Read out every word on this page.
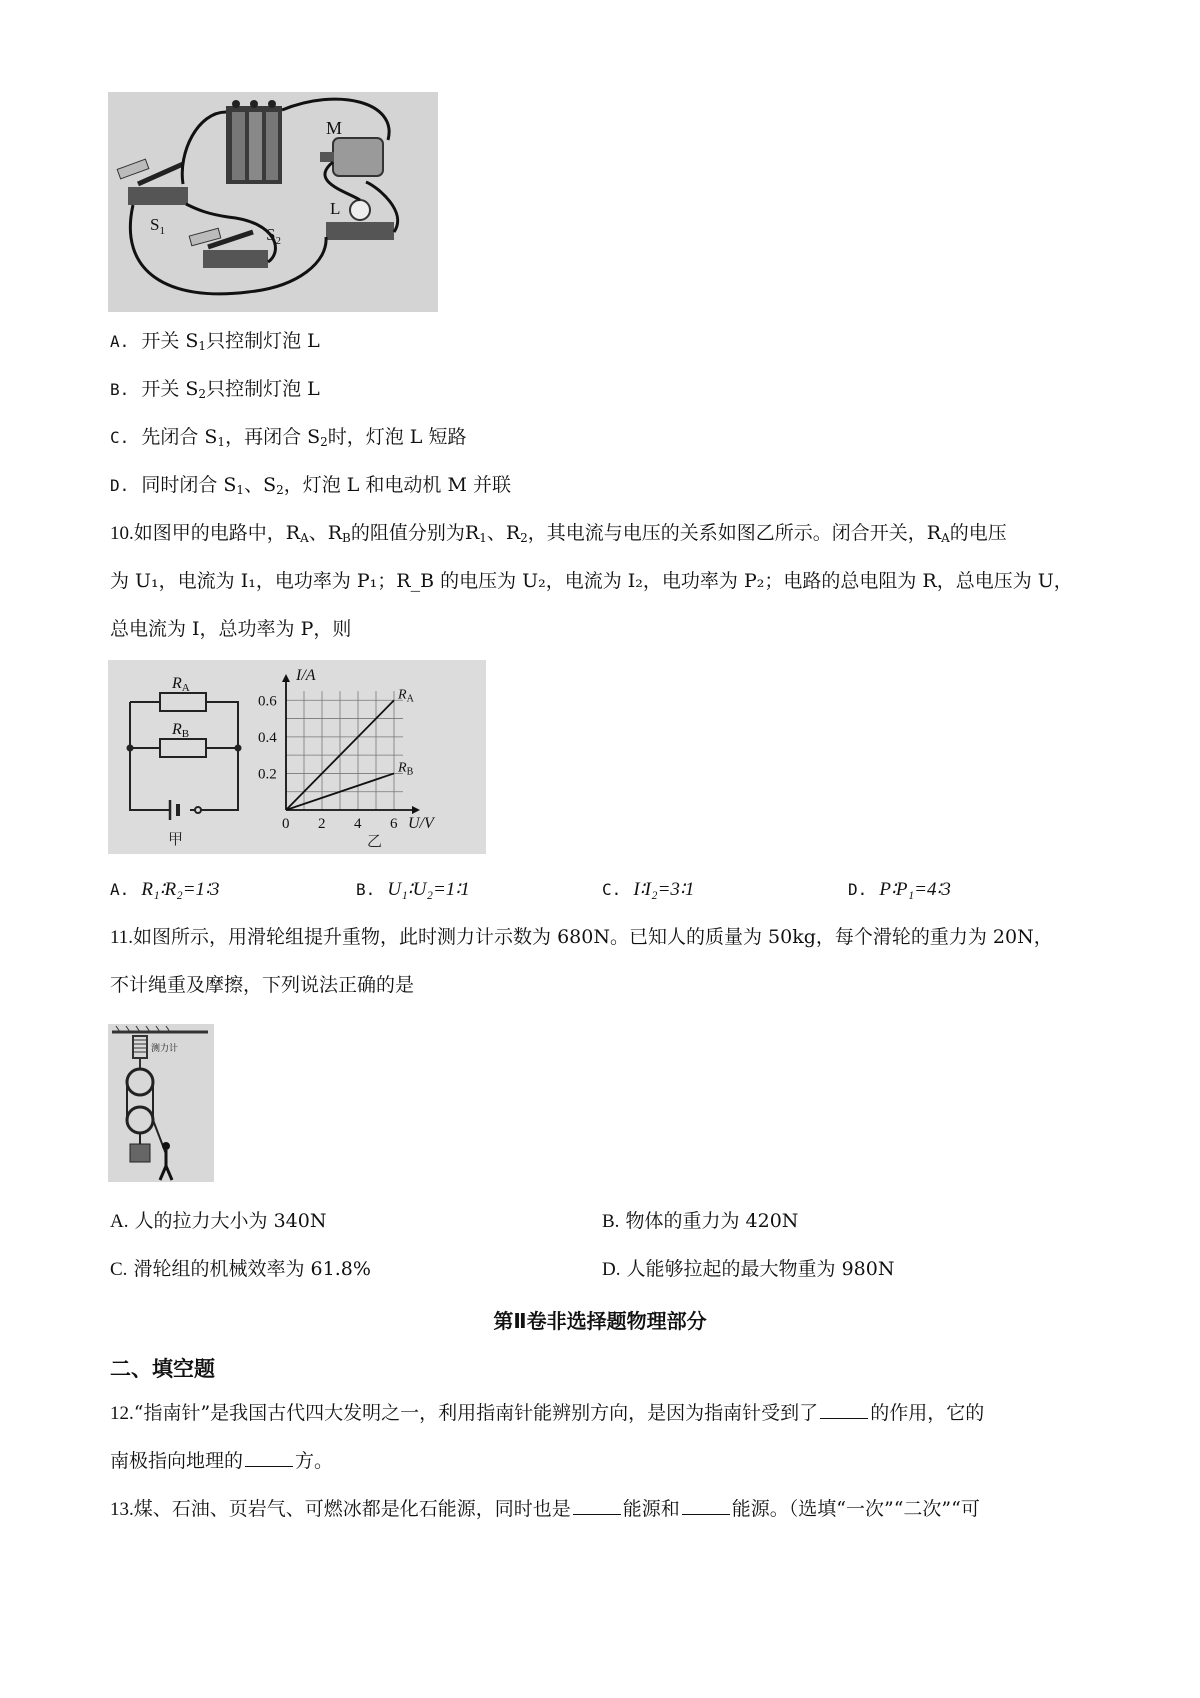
M
$S_1$	$S_2$
L
A. 开关 $S_1$只控制灯泡 L
B. 开关 $S_2$只控制灯泡 L
C. 先闭合 $S_1$，再闭合 $S_2$时，灯泡 L 短路
D. 同时闭合 $S_1$、$S_2$，灯泡 L 和电动机 M 并联
10.如图甲的电路中，$R_A$、$R_B$的阻值分别为$R_1$、$R_2$，其电流与电压的关系如图乙所示。闭合开关，$R_A$的电压
为 U₁，电流为 I₁，电功率为 P₁；R_B 的电压为 U₂，电流为 I₂，电功率为 P₂；电路的总电阻为 R，总电压为 U，
总电流为 I，总功率为 P，则
RA
RB
甲
0 2 4 6
0.2
0.4
0.6
I/A
U/V
$R_A$
$R_B$
乙
A. R₁∶R₂=1∶3	B. U₁∶U₂=1∶1	C. I∶I₂=3∶1	D. P∶P₁=4∶3
11.如图所示，用滑轮组提升重物，此时测力计示数为 680N。已知人的质量为 50kg，每个滑轮的重力为 20N，
不计绳重及摩擦，下列说法正确的是
测力计
A. 人的拉力大小为 340N	B. 物体的重力为 420N
C. 滑轮组的机械效率为 61.8%	D. 人能够拉起的最大物重为 980N
第Ⅱ卷非选择题物理部分
二、填空题
12.“指南针”是我国古代四大发明之一，利用指南针能辨别方向，是因为指南针受到了	的作用，它的
南极指向地理的	方。
13.煤、石油、页岩气、可燃冰都是化石能源，同时也是	能源和	能源。（选填“一次”“二次”“可
